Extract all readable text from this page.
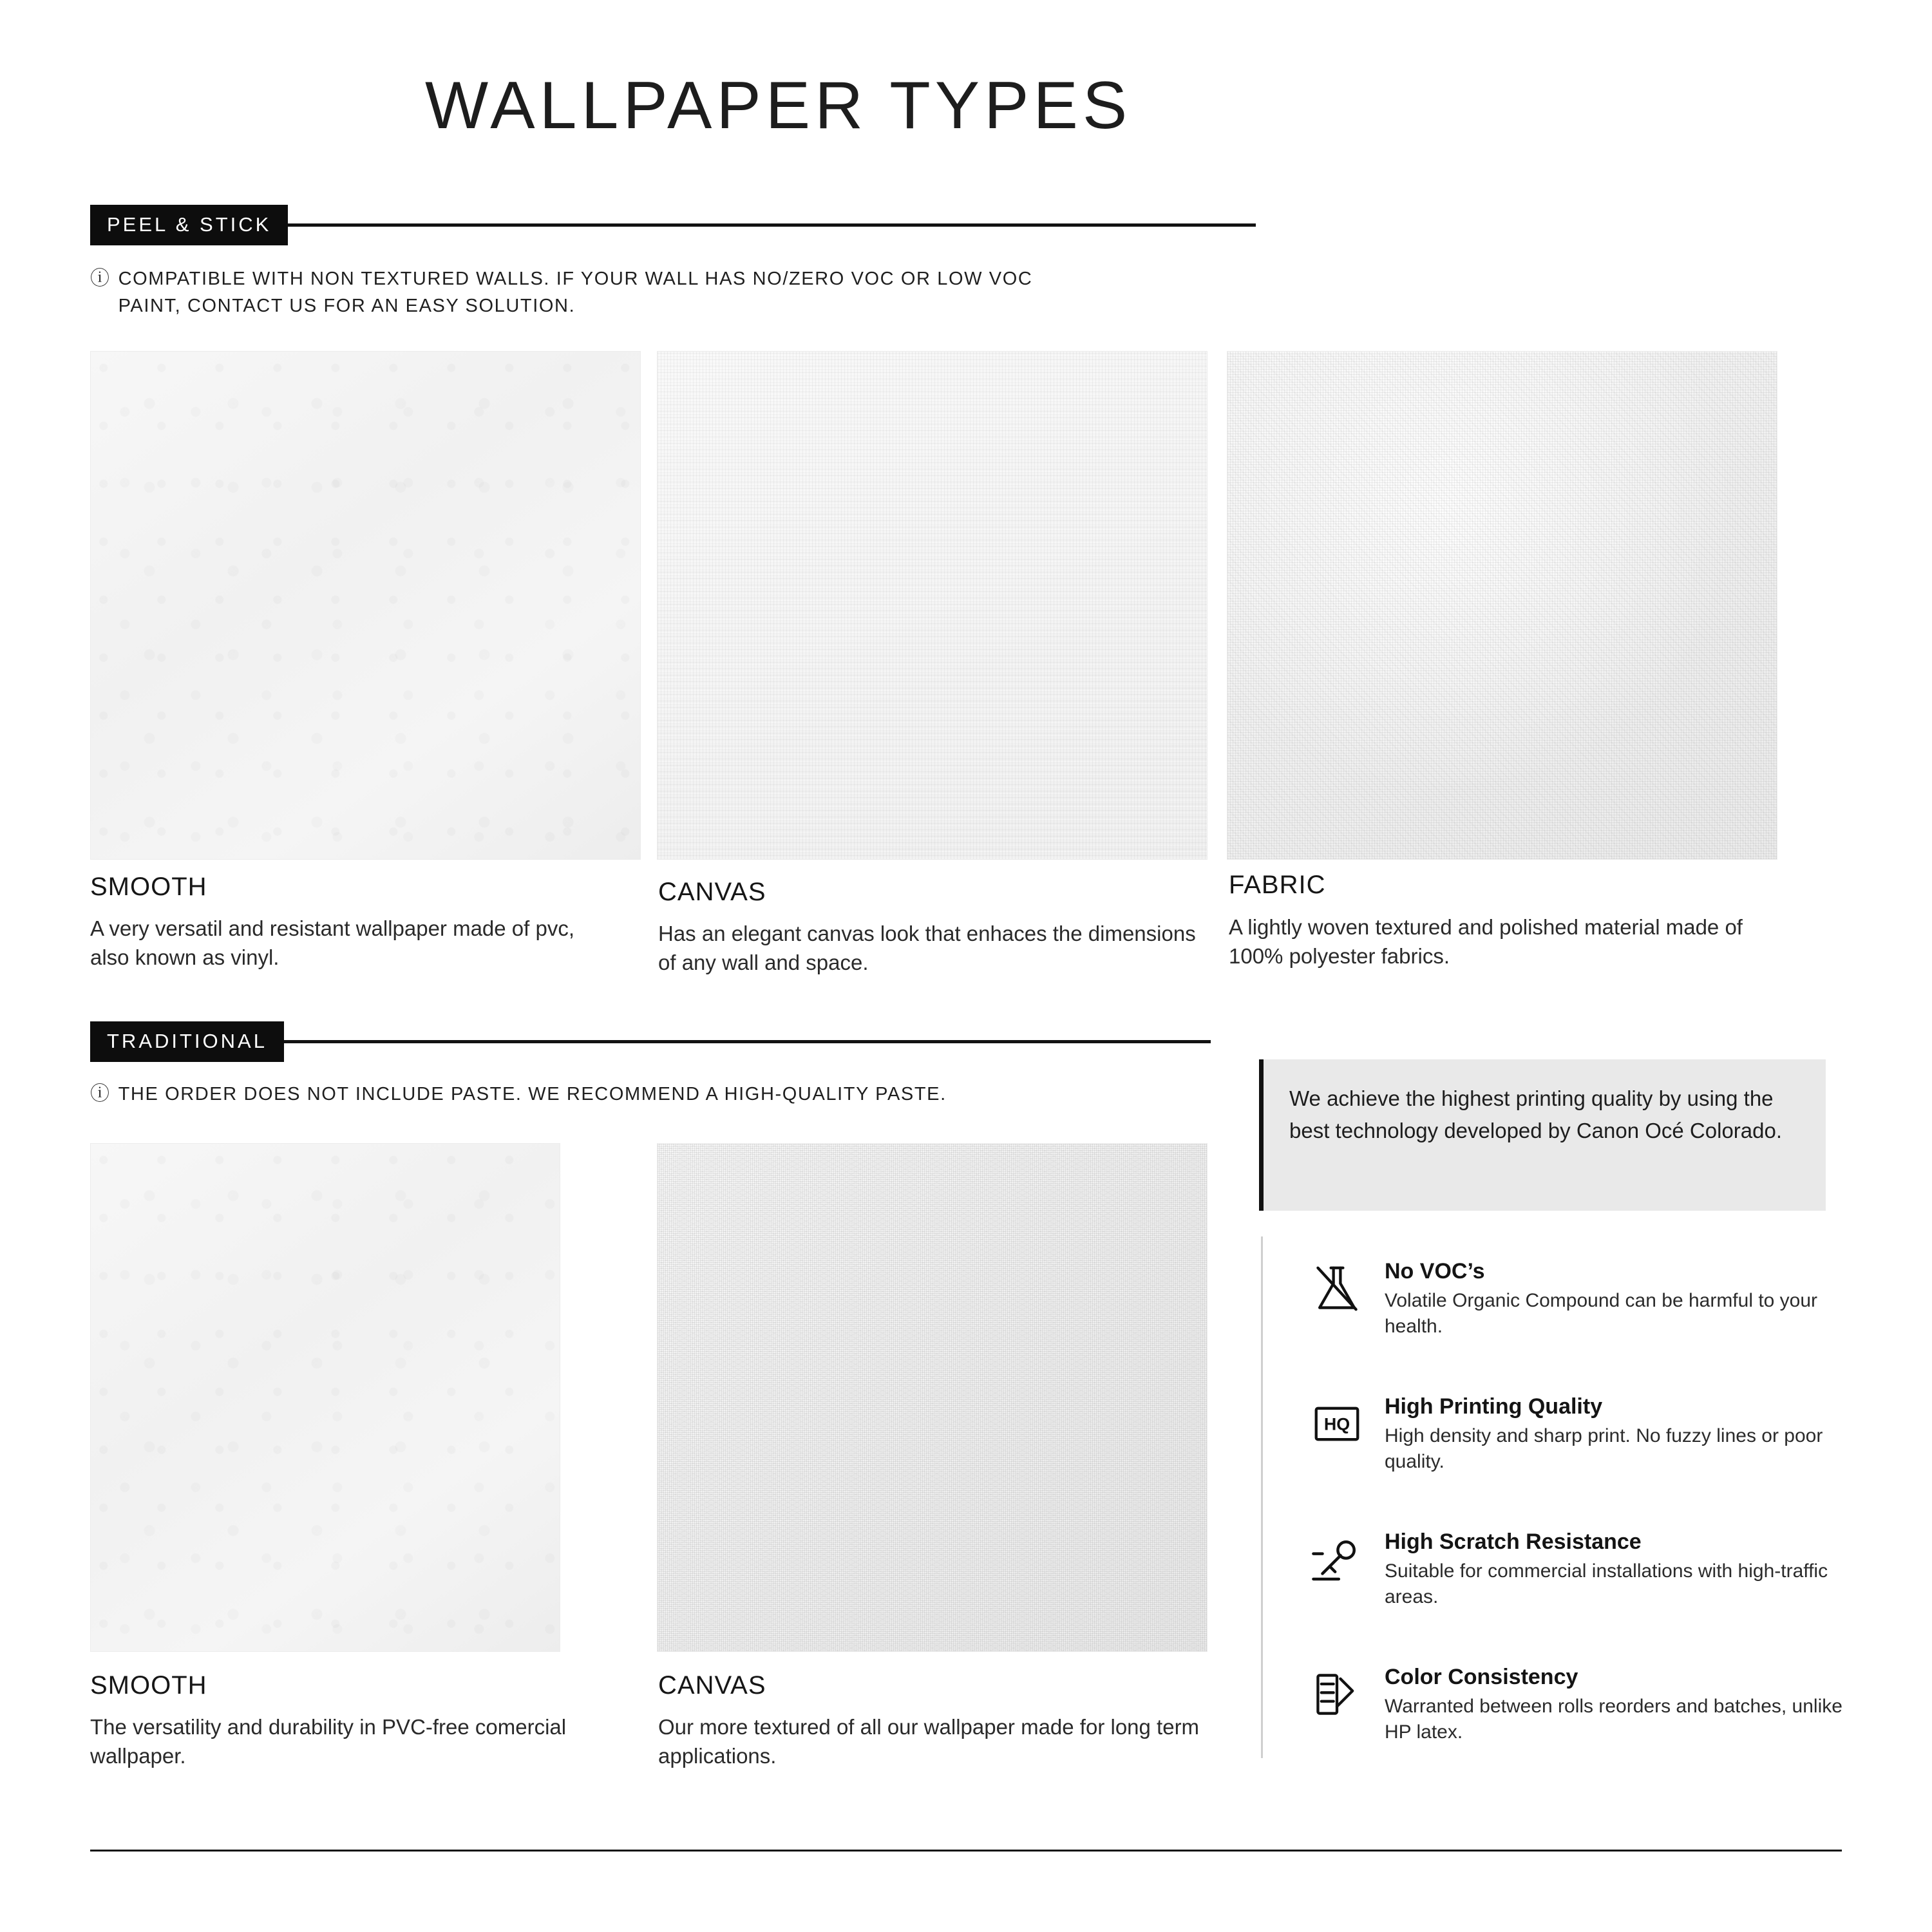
WALLPAPER TYPES
PEEL & STICK
ⓘ COMPATIBLE WITH NON TEXTURED WALLS. IF YOUR WALL HAS NO/ZERO VOC OR LOW VOC PAINT, CONTACT US FOR AN EASY SOLUTION.
SMOOTH
A very versatil and resistant wallpaper made of pvc, also known as vinyl.
CANVAS
Has an elegant canvas look that enhaces the dimensions of any wall and space.
FABRIC
A lightly woven textured and polished material made of 100% polyester fabrics.
TRADITIONAL
ⓘ THE ORDER DOES NOT INCLUDE PASTE. WE RECOMMEND A HIGH-QUALITY PASTE.
SMOOTH
The versatility and durability in PVC-free comercial wallpaper.
CANVAS
Our more textured of all our wallpaper made for long term applications.
We achieve the highest printing quality by using the best technology developed by Canon Océ Colorado.
No VOC’s
Volatile Organic Compound can be harmful to your health.
HQ
High Printing Quality
High density and sharp print. No fuzzy lines or poor quality.
High Scratch Resistance
Suitable for commercial installations with high-traffic areas.
Color Consistency
Warranted between rolls reorders and batches, unlike HP latex.
